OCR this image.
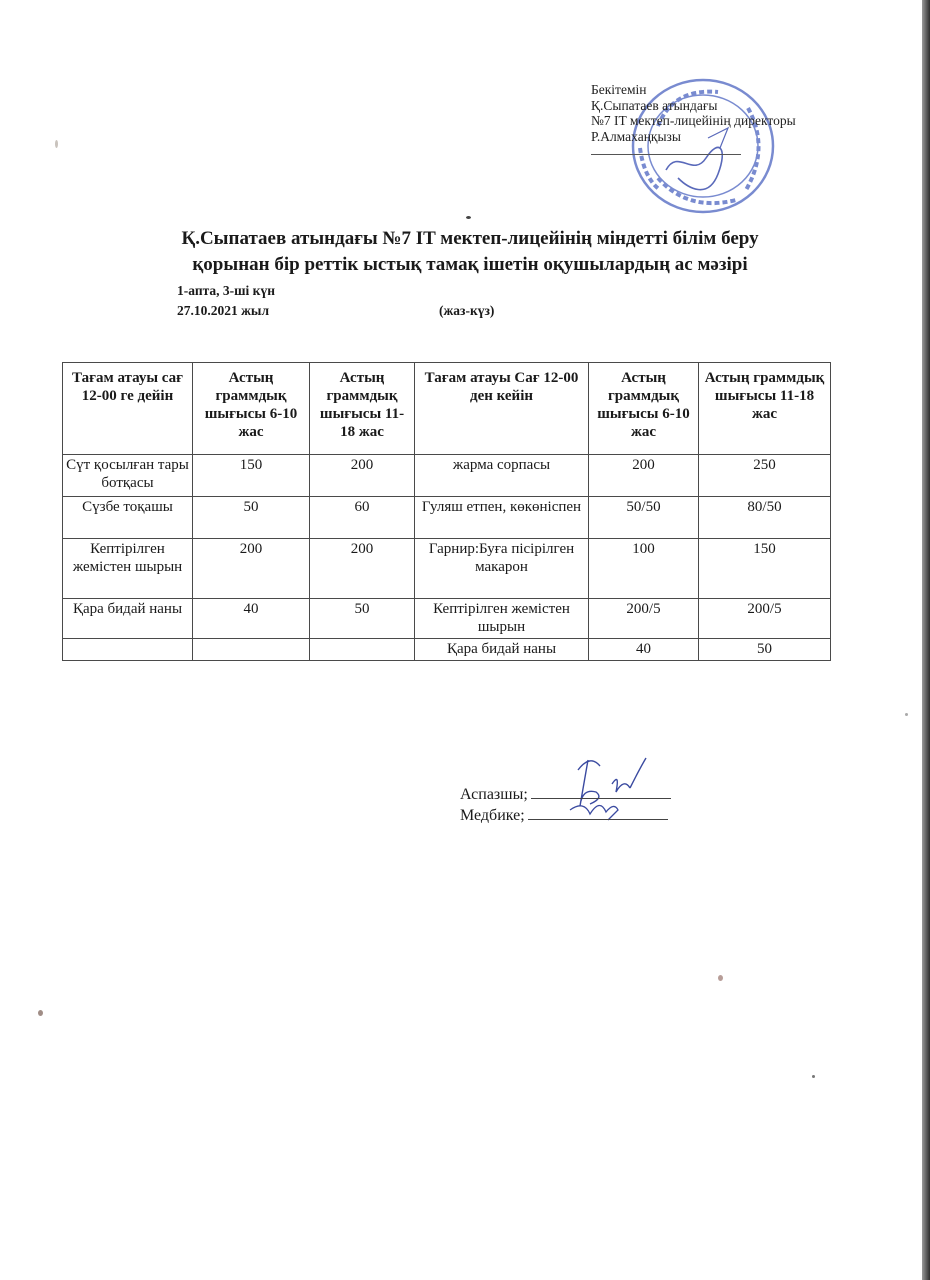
Бекітемін
Қ.Сыпатаев атындағы
№7 IT мектеп-лицейінің директоры
Р.Алмахаңқызы
Қ.Сыпатаев атындағы №7 IT мектеп-лицейінің міндетті білім беру
қорынан бір реттік ыстық тамақ ішетін оқушылардың ас мәзірі
1-апта, 3-ші күн
27.10.2021 жыл	(жаз-күз)
Тағам атауы сағ 12-00 ге дейін	Астың граммдық шығысы 6-10 жас	Астың граммдық шығысы 11-18 жас	Тағам атауы Сағ 12-00 ден кейін	Астың граммдық шығысы 6-10 жас	Астың граммдық шығысы 11-18 жас
Сүт қосылған тары ботқасы	150	200	жарма сорпасы	200	250
Сүзбе тоқашы	50	60	Гуляш етпен, көкөніспен	50/50	80/50
Кептірілген жемістен шырын	200	200	Гарнир:Буға пісірілген макарон	100	150
Қара бидай наны	40	50	Кептірілген жемістен шырын	200/5	200/5
			Қара бидай наны	40	50
Аспазшы;
Медбике;
